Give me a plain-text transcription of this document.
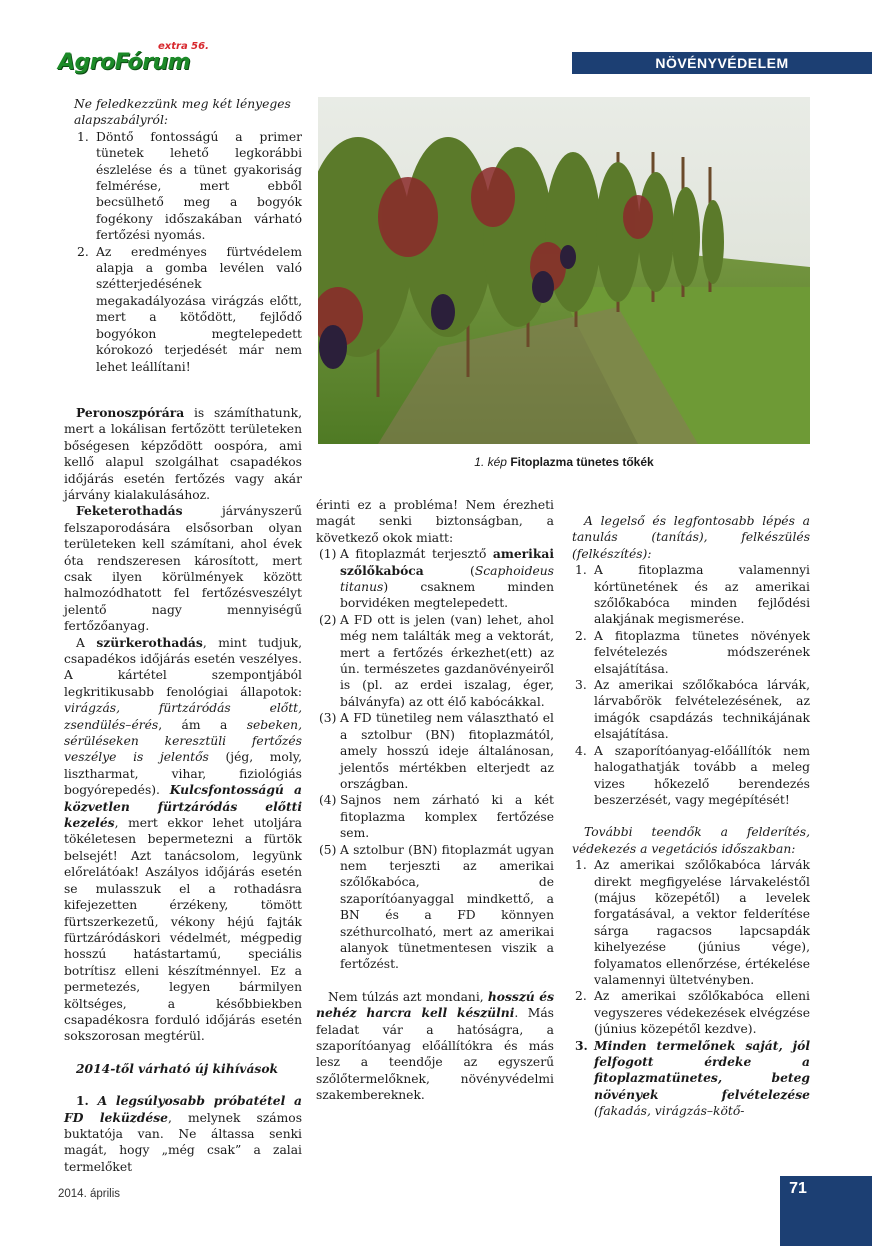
AgroFórum
extra 56.
NÖVÉNYVÉDELEM

Ne feledkezzünk meg két lényeges alapszabályról:

1. Döntő fontosságú a primer tünetek lehető legkorábbi észlelése és a tünet gyakoriság felmérése, mert ebből becsülhető meg a bogyók fogékony időszakában várható fertőzési nyomás.
2. Az eredményes fürtvédelem alapja a gomba levélen való szétterjedésének megakadályozása virágzás előtt, mert a kötődött, fejlődő bogyókon megtelepedett kórokozó terjedését már nem lehet leállítani!

Peronoszpórára is számíthatunk, mert a lokálisan fertőzött területeken bőségesen képződött oospóra, ami kellő alapul szolgálhat csapadékos időjárás esetén fertőzés vagy akár járvány kialakulásához.

Feketerothadás járványszerű felszaporodására elsősorban olyan területeken kell számítani, ahol évek óta rendszeresen károsított, mert csak ilyen körülmények között halmozódhatott fel fertőzésveszélyt jelentő nagy mennyiségű fertőzőanyag.

A szürkerothadás, mint tudjuk, csapadékos időjárás esetén veszélyes. A kártétel szempontjából legkritikusabb fenológiai állapotok: virágzás, fürtzáródás előtt, zsendülés–érés, ám a sebeken, sérüléseken keresztüli fertőzés veszélye is jelentős (jég, moly, lisztharmat, vihar, fiziológiás bogyórepedés). Kulcsfontosságú a közvetlen fürtzáródás előtti kezelés, mert ekkor lehet utoljára tökéletesen bepermetezni a fürtök belsejét! Azt tanácsolom, legyünk előrelátóak! Aszályos időjárás esetén se mulasszuk el a rothadásra kifejezetten érzékeny, tömött fürtszerkezetű, vékony héjú fajták fürtzáródáskori védelmét, mégpedig hosszú hatástartamú, speciális botrítisz elleni készítménnyel. Ez a permetezés, legyen bármilyen költséges, a későbbiekben csapadékosra forduló időjárás esetén sokszorosan megtérül.

2014-től várható új kihívások

1. A legsúlyosabb próbatétel a FD leküzdése, melynek számos buktatója van. Ne áltassa senki magát, hogy „még csak” a zalai termelőket

1. kép Fitoplazma tünetes tőkék

érinti ez a probléma! Nem érezheti magát senki biztonságban, a következő okok miatt:

(1) A fitoplazmát terjesztő amerikai szőlőkabóca (Scaphoideus titanus) csaknem minden borvidéken megtelepedett.
(2) A FD ott is jelen (van) lehet, ahol még nem találták meg a vektorát, mert a fertőzés érkezhet(ett) az ún. természetes gazdanövényeiről is (pl. az erdei iszalag, éger, bálványfa) az ott élő kabócákkal.
(3) A FD tünetileg nem választható el a sztolbur (BN) fitoplazmától, amely hosszú ideje általánosan, jelentős mértékben elterjedt az országban.
(4) Sajnos nem zárható ki a két fitoplazma komplex fertőzése sem.
(5) A sztolbur (BN) fitoplazmát ugyan nem terjeszti az amerikai szőlőkabóca, de szaporítóanyaggal mindkettő, a BN és a FD könnyen széthurcolható, mert az amerikai alanyok tünetmentesen viszik a fertőzést.

Nem túlzás azt mondani, hosszú és nehéz harcra kell készülni. Más feladat vár a hatóságra, a szaporítóanyag előállítókra és más lesz a teendője az egyszerű szőlőtermelőknek, növényvédelmi szakembereknek.

A legelső és legfontosabb lépés a tanulás (tanítás), felkészülés (felkészítés):

1. A fitoplazma valamennyi kórtünetének és az amerikai szőlőkabóca minden fejlődési alakjának megismerése.
2. A fitoplazma tünetes növények felvételezés módszerének elsajátítása.
3. Az amerikai szőlőkabóca lárvák, lárvabőrök felvételezésének, az imágók csapdázás technikájának elsajátítása.
4. A szaporítóanyag-előállítók nem halogathatják tovább a meleg vizes hőkezelő berendezés beszerzését, vagy megépítését!

További teendők a felderítés, védekezés a vegetációs időszakban:

1. Az amerikai szőlőkabóca lárvák direkt megfigyelése lárvakeléstől (május közepétől) a levelek forgatásával, a vektor felderítése sárga ragacsos lapcsapdák kihelyezése (június vége), folyamatos ellenőrzése, értékelése valamennyi ültetvényben.
2. Az amerikai szőlőkabóca elleni vegyszeres védekezések elvégzése (június közepétől kezdve).
3. Minden termelőnek saját, jól felfogott érdeke a fitoplazmatünetes, beteg növények felvételezése (fakadás, virágzás–kötő-
2014. április	71
